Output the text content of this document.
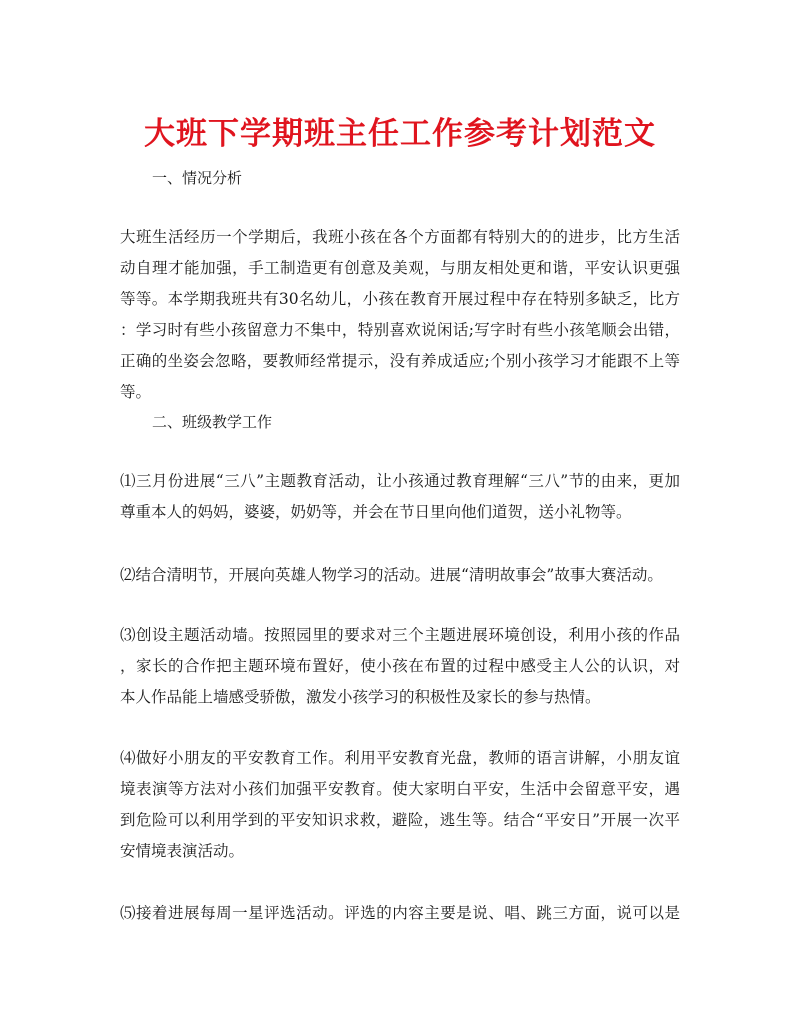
大班下学期班主任工作参考计划范文
一、情况分析
大班生活经历一个学期后，我班小孩在各个方面都有特别大的的进步，比方生活
动自理才能加强，手工制造更有创意及美观，与朋友相处更和谐，平安认识更强
等等。本学期我班共有30名幼儿，小孩在教育开展过程中存在特别多缺乏，比方
：学习时有些小孩留意力不集中，特别喜欢说闲话;写字时有些小孩笔顺会出错，
正确的坐姿会忽略，要教师经常提示，没有养成适应;个别小孩学习才能跟不上等
等。
二、班级教学工作
⑴三月份进展“三八”主题教育活动，让小孩通过教育理解“三八”节的由来，更加
尊重本人的妈妈，婆婆，奶奶等，并会在节日里向他们道贺，送小礼物等。
⑵结合清明节，开展向英雄人物学习的活动。进展“清明故事会”故事大赛活动。
⑶创设主题活动墙。按照园里的要求对三个主题进展环境创设，利用小孩的作品
，家长的合作把主题环境布置好，使小孩在布置的过程中感受主人公的认识，对
本人作品能上墙感受骄傲，激发小孩学习的积极性及家长的参与热情。
⑷做好小朋友的平安教育工作。利用平安教育光盘，教师的语言讲解，小朋友谊
境表演等方法对小孩们加强平安教育。使大家明白平安，生活中会留意平安，遇
到危险可以利用学到的平安知识求救，避险，逃生等。结合“平安日”开展一次平
安情境表演活动。
⑸接着进展每周一星评选活动。评选的内容主要是说、唱、跳三方面，说可以是
